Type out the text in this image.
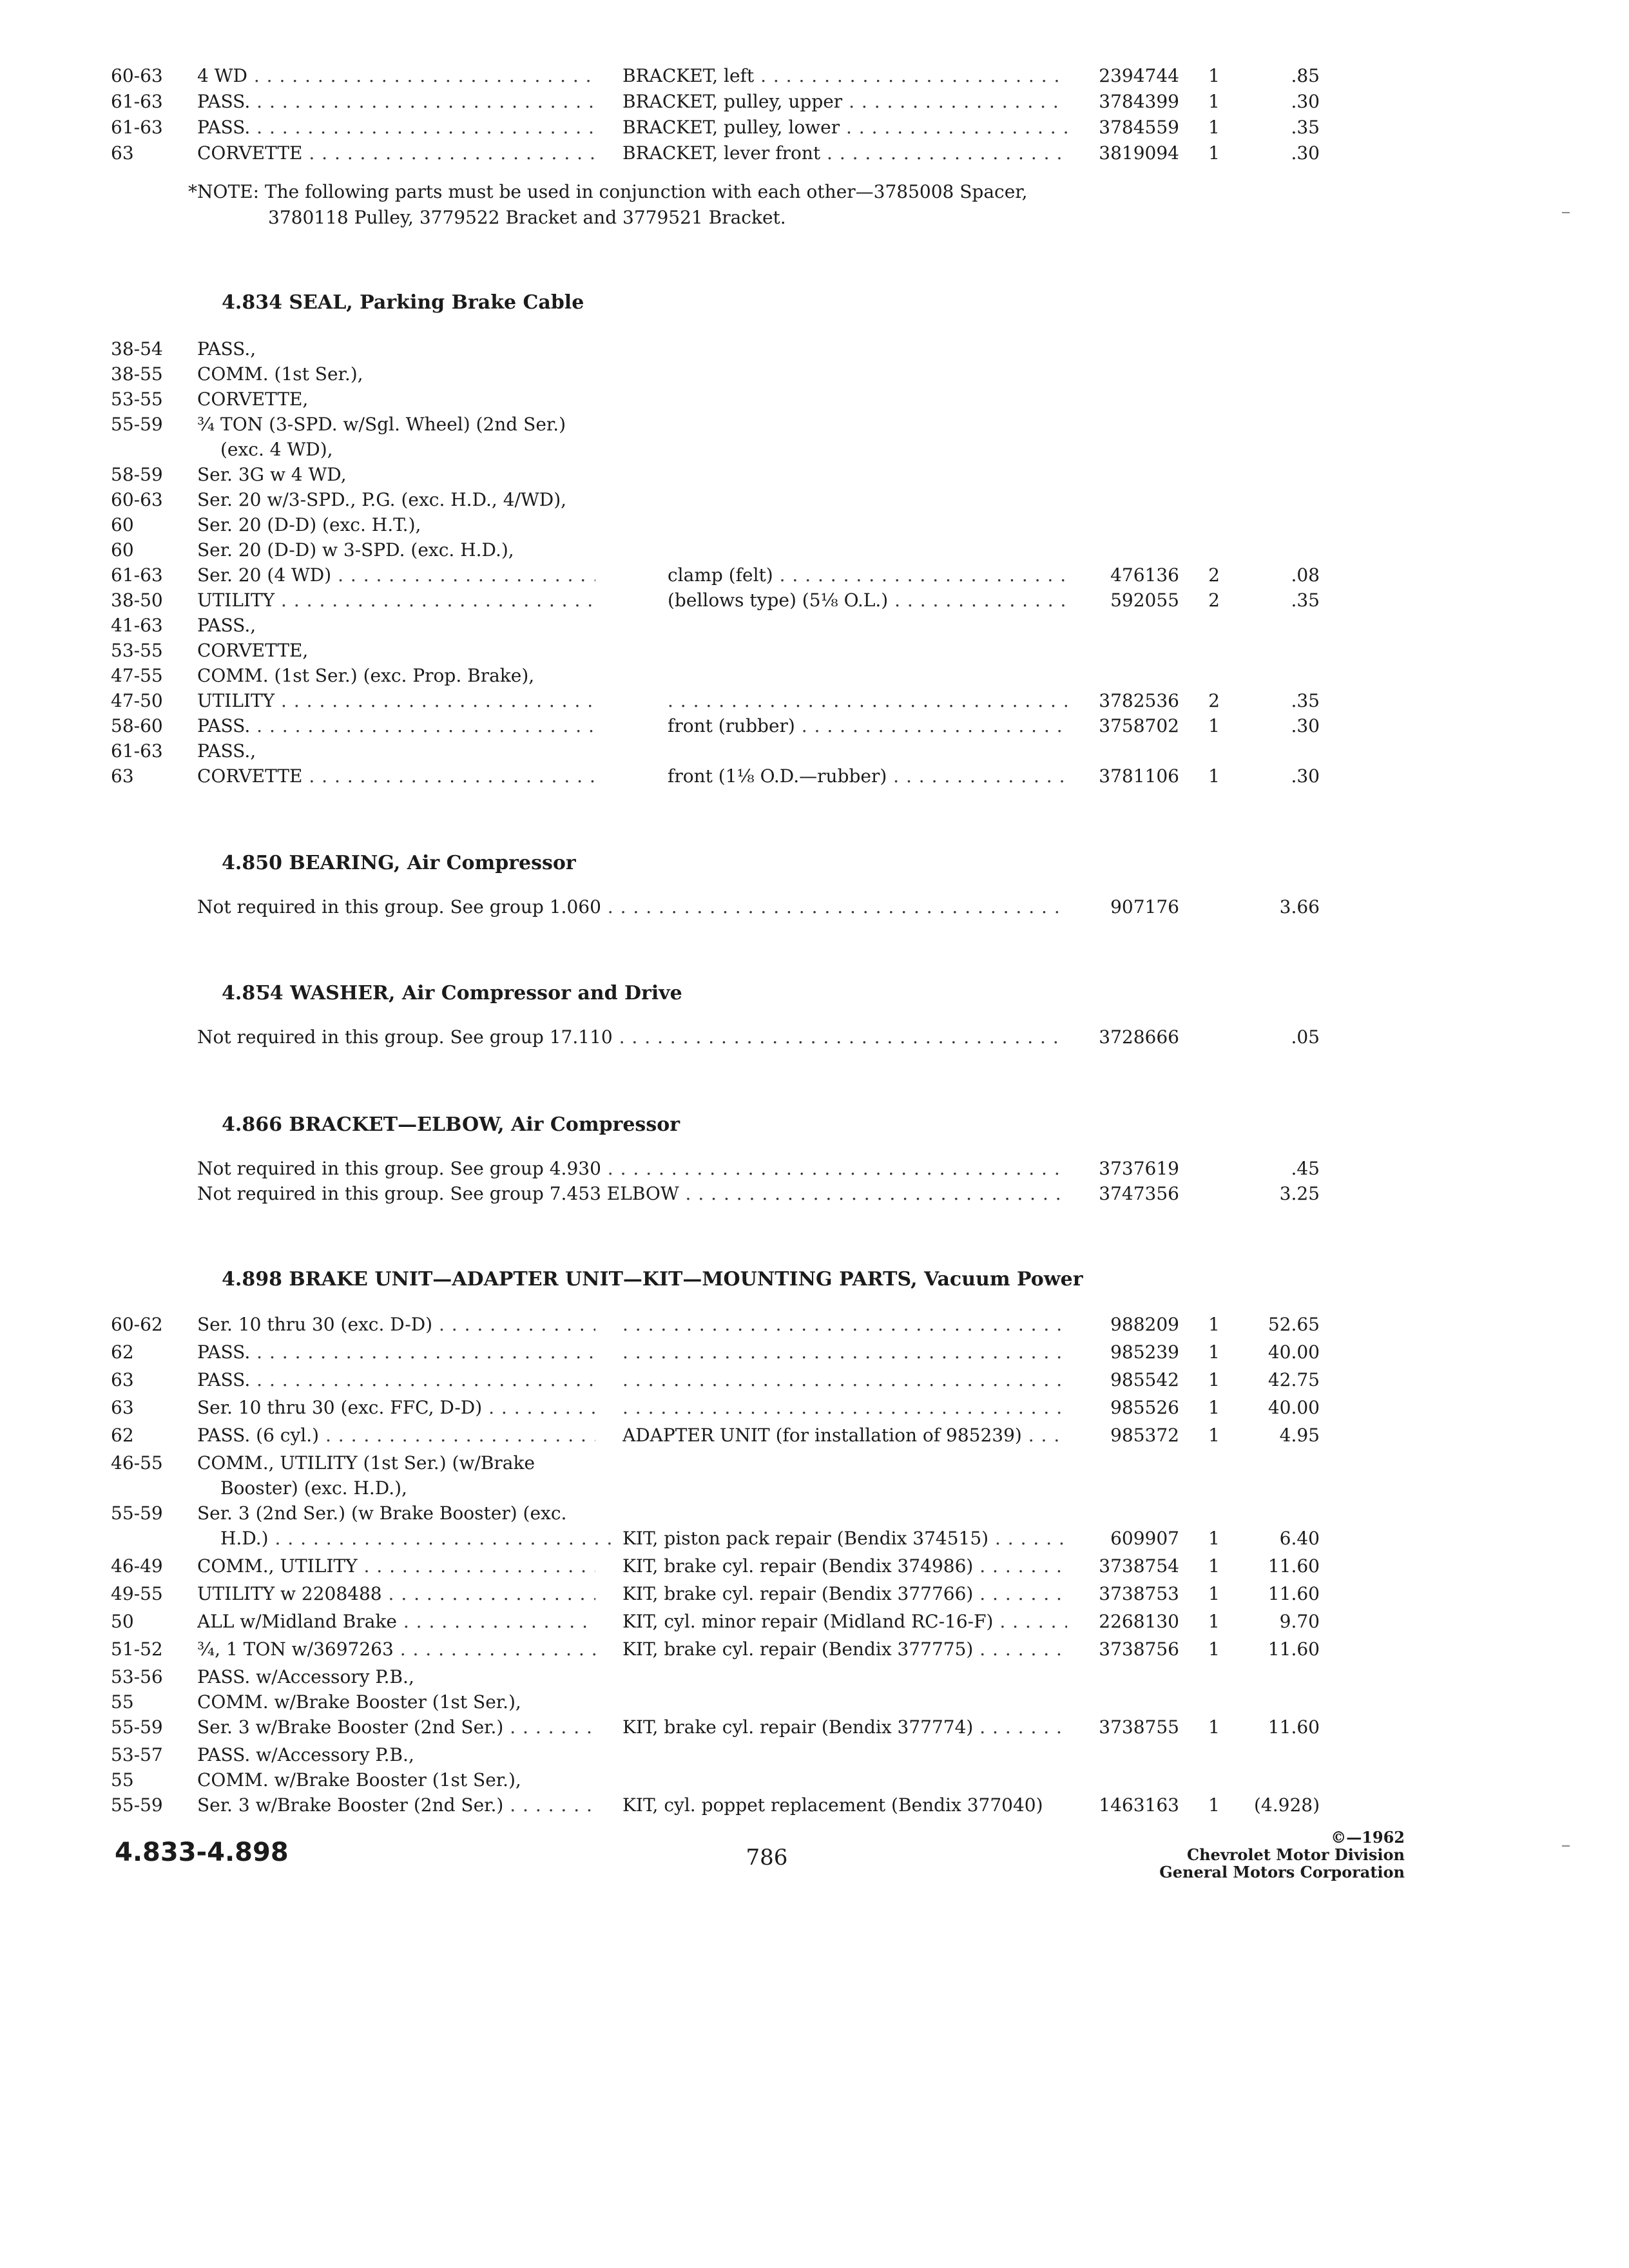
60-63 4 WD . . .	BRACKET, left . . .	2394744	1	.85
61-63 PASS. . . .	BRACKET, pulley, upper . . .	3784399	1	.30
61-63 PASS. . . .	BRACKET, pulley, lower . . .	3784559	1	.35
63	CORVETTE . . .	BRACKET, lever front . . .	3819094	1	.30
*NOTE: The following parts must be used in conjunction with each other—3785008 Spacer,
3780118 Pulley, 3779522 Bracket and 3779521 Bracket.
4.834 SEAL, Parking Brake Cable
38-54 PASS.,
38-55 COMM. (1st Ser.),
53-55 CORVETTE,
55-59 ¾ TON (3-SPD. w/Sgl. Wheel) (2nd Ser.)
(exc. 4 WD),
58-59 Ser. 3G w 4 WD,
60-63 Ser. 20 w/3-SPD., P.G. (exc. H.D., 4/WD),
60	Ser. 20 (D-D) (exc. H.T.),
60	Ser. 20 (D-D) w 3-SPD. (exc. H.D.),
61-63 Ser. 20 (4 WD) . . .	clamp (felt) . . .	476136	2	.08
38-50 UTILITY . . .	(bellows type) (5⅛ O.L.) . . .	592055	2	.35
41-63 PASS.,
53-55 CORVETTE,
47-55 COMM. (1st Ser.) (exc. Prop. Brake),
47-50 UTILITY . . . . . .	3782536	2	.35
58-60 PASS. . . .	front (rubber) . . .	3758702	1	.30
61-63 PASS.,
63	CORVETTE . . .	front (1⅛ O.D.—rubber) . . .	3781106	1	.30
4.850 BEARING, Air Compressor
Not required in this group. See group 1.060 . . .	907176	3.66
4.8Ƽ4 WASHER, Air Compressor and Drive
Not required in this group. See group 17.110 . . .	3728666	.05
4.866 BRACKET—ELBOW, Air Compressor
Not required in this group. See group 4.930 . . .	3737619	.45
Not required in this group. See group 7.453 ELBOW . . .	3747356	3.25
4.898 BRAKE UNIT—ADAPTER UNIT—KIT—MOUNTING PARTS, Vacuum Power
60-62 Ser. 10 thru 30 (exc. D-D) . . . . . .	988209	1	52.65
62	PASS. . . . . . .	985239	1	40.00
63	PASS. . . . . . .	985542	1	42.75
63	Ser. 10 thru 30 (exc. FFC, D-D) . . . . . .	985526	1	40.00
62	PASS. (6 cyl.) . . .	ADAPTER UNIT (for installation of 985239) . . .	985372	1	4.95
46-55 COMM., UTILITY (1st Ser.) (w/Brake
Booster) (exc. H.D.),
55-59 Ser. 3 (2nd Ser.) (w Brake Booster) (exc.
H.D.) . . .	KIT, piston pack repair (Bendix 374515) . . .	609907	1	6.40
46-49 COMM., UTILITY . . .	KIT, brake cyl. repair (Bendix 374986) . . .	3738754	1	11.60
49-55 UTILITY w 2208488 . . .	KIT, brake cyl. repair (Bendix 377766) . . .	3738753	1	11.60
50	ALL w/Midland Brake . . .	KIT, cyl. minor repair (Midland RC-16-F) . . .	2268130	1	9.70
51-52 ¾, 1 TON w/3697263 . . .	KIT, brake cyl. repair (Bendix 377775) . . .	3738756	1	11.60
53-56 PASS. w/Accessory P.B.,
55	COMM. w/Brake Booster (1st Ser.),
55-59 Ser. 3 w/Brake Booster (2nd Ser.) . . .	KIT, brake cyl. repair (Bendix 377774) . . .	3738755	1	11.60
53-57 PASS. w/Accessory P.B.,
55	COMM. w/Brake Booster (1st Ser.),
55-59 Ser. 3 w/Brake Booster (2nd Ser.) . . .	KIT, cyl. poppet replacement (Bendix 377040)	1463163	1	(4.928)
4.833-4.898	786
©—1962
Chevrolet Motor Division
General Motors Corporation
